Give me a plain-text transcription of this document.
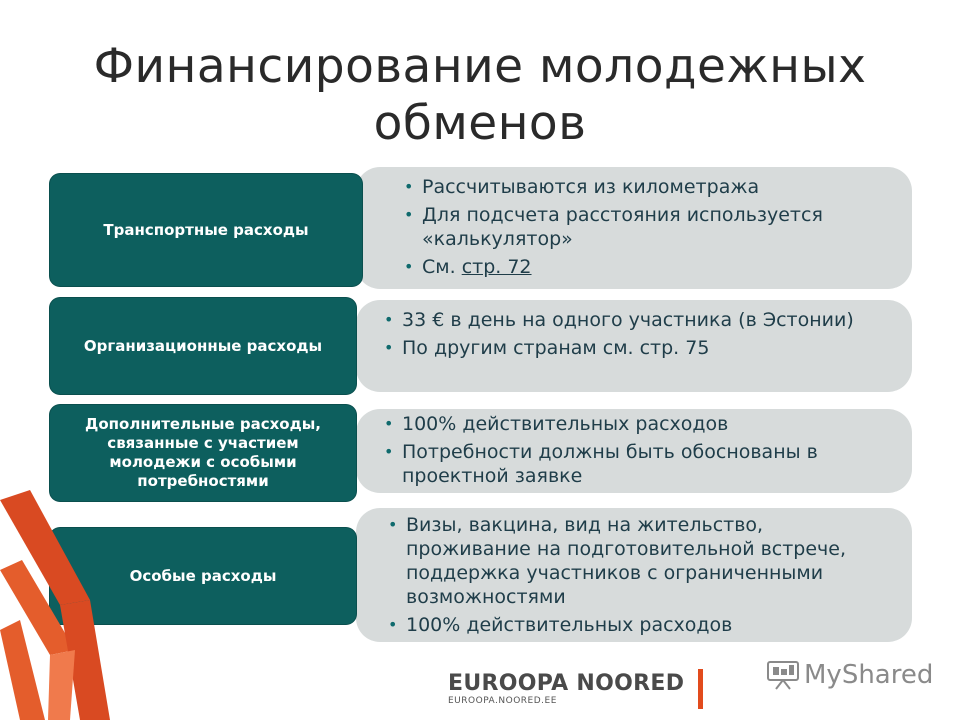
Финансирование молодежных
обменов
• Рассчитываются из километража
• Для подсчета расстояния используется «калькулятор»
• См. стр. 72
Транспортные расходы
• 33 € в день на одного участника (в Эстонии)
• По другим странам см. стр. 75
Организационные расходы
• 100% действительных расходов
• Потребности должны быть обоснованы в проектной заявке
Дополнительные расходы, связанные с участием молодежи с особыми потребностями
• Визы, вакцина, вид на жительство, проживание на подготовительной встрече, поддержка участников с ограниченными возможностями
• 100% действительных расходов
Особые расходы
EUROOPA NOORED
EUROOPA.NOORED.EE
MyShared
